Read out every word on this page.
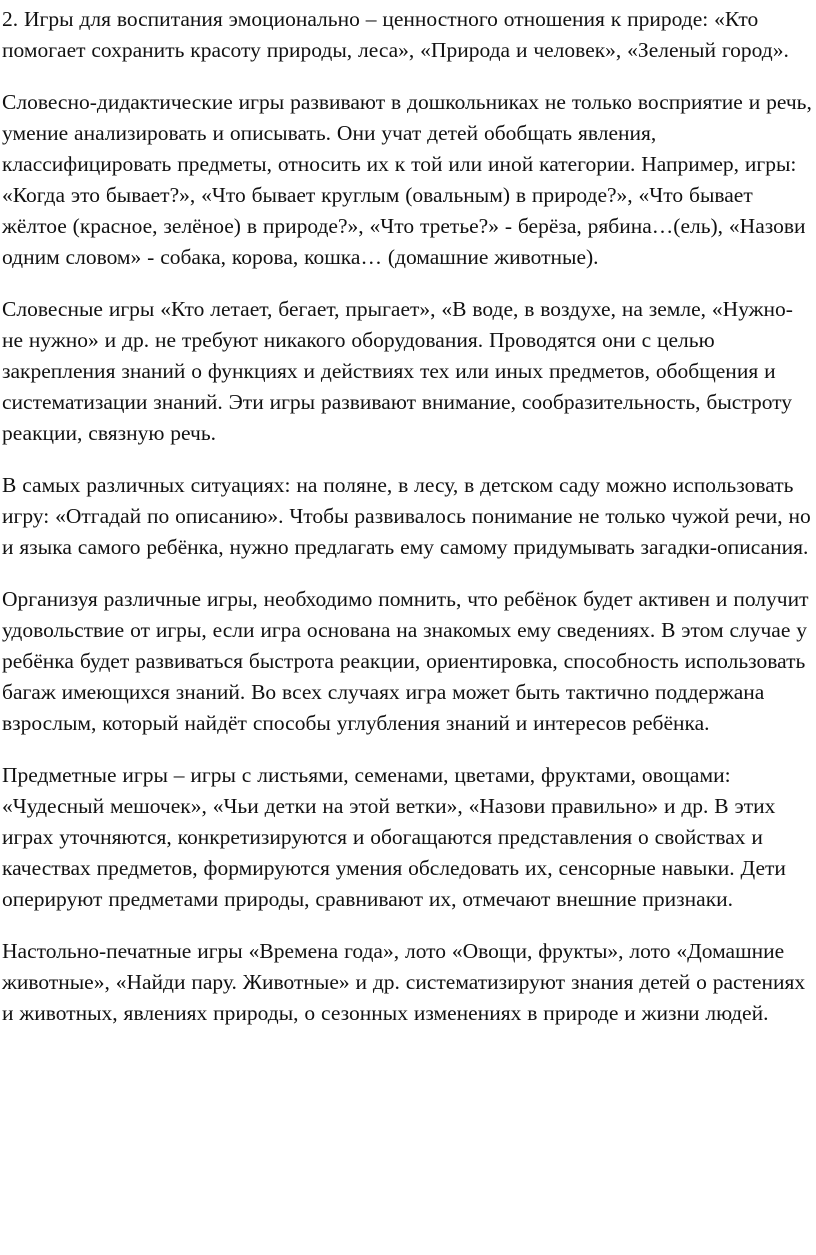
2. Игры для воспитания эмоционально – ценностного отношения к природе: «Кто помогает сохранить красоту природы, леса», «Природа и человек», «Зеленый город».

Словесно-дидактические игры развивают в дошкольниках не только восприятие и речь, умение анализировать и описывать. Они учат детей обобщать явления, классифицировать предметы, относить их к той или иной категории. Например, игры: «Когда это бывает?», «Что бывает круглым (овальным) в природе?», «Что бывает жёлтое (красное, зелёное) в природе?», «Что третье?» - берёза, рябина…(ель), «Назови одним словом» - собака, корова, кошка… (домашние животные).

Словесные игры «Кто летает, бегает, прыгает», «В воде, в воздухе, на земле, «Нужно- не нужно» и др. не требуют никакого оборудования. Проводятся они с целью закрепления знаний о функциях и действиях тех или иных предметов, обобщения и систематизации знаний. Эти игры развивают внимание, сообразительность, быстроту реакции, связную речь.

В самых различных ситуациях: на поляне, в лесу, в детском саду можно использовать игру: «Отгадай по описанию». Чтобы развивалось понимание не только чужой речи, но и языка самого ребёнка, нужно предлагать ему самому придумывать загадки-описания.

Организуя различные игры, необходимо помнить, что ребёнок будет активен и получит удовольствие от игры, если игра основана на знакомых ему сведениях. В этом случае у ребёнка будет развиваться быстрота реакции, ориентировка, способность использовать багаж имеющихся знаний. Во всех случаях игра может быть тактично поддержана взрослым, который найдёт способы углубления знаний и интересов ребёнка.

Предметные игры – игры с листьями, семенами, цветами, фруктами, овощами: «Чудесный мешочек», «Чьи детки на этой ветки», «Назови правильно» и др. В этих играх уточняются, конкретизируются и обогащаются представления о свойствах и качествах предметов, формируются умения обследовать их, сенсорные навыки. Дети оперируют предметами природы, сравнивают их, отмечают внешние признаки.

Настольно-печатные игры «Времена года», лото «Овощи, фрукты», лото «Домашние животные», «Найди пару. Животные» и др. систематизируют знания детей о растениях и животных, явлениях природы, о сезонных изменениях в природе и жизни людей.
